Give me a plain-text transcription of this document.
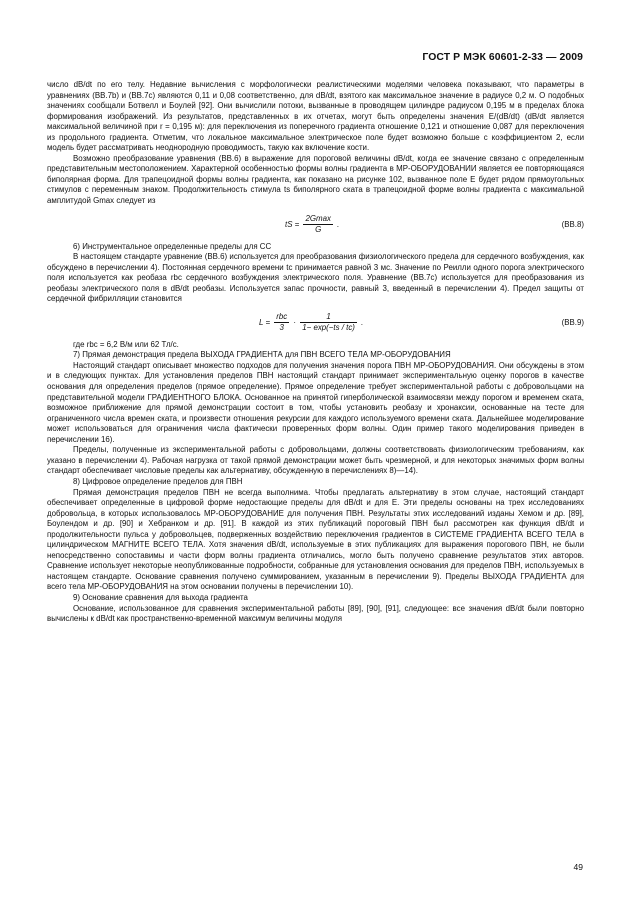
ГОСТ Р МЭК 60601-2-33 — 2009

число dB/dt по его телу. Недавние вычисления с морфологически реалистическими моделями человека показывают, что параметры в уравнениях (ВВ.7b) и (ВВ.7c) являются 0,11 и 0,08 соответственно, для dB/dt, взятого как максимальное значение в радиусе 0,2 м. О подобных значениях сообщали Ботвелл и Боулей [92]. Они вычислили потоки, вызванные в проводящем цилиндре радиусом 0,195 м в пределах блока формирования изображений. Из результатов, представленных в их отчетах, могут быть определены значения E/(dB/dt) (dB/dt является максимальной величиной при r = 0,195 м): для переключения из поперечного градиента отношение 0,121 и отношение 0,087 для переключения из продольного градиента. Отметим, что локальное максимальное электрическое поле будет возможно больше с коэффициентом 2, если модель будет рассматривать неоднородную проводимость, такую как включение кости.

Возможно преобразование уравнения (ВВ.6) в выражение для пороговой величины dB/dt, когда ее значение связано с определенным представительным местоположением. Характерной особенностью формы волны градиента в МР-ОБОРУДОВАНИИ является ее повторяющаяся биполярная форма. Для трапецоидной формы волны градиента, как показано на рисунке 102, вызванное поле E будет рядом прямоугольных стимулов с переменным знаком. Продолжительность стимула ts биполярного ската в трапецоидной форме волны градиента с максимальной амплитудой Gmax следует из

tS = $\frac{2Gmax}{G}$ .	(ВВ.8)

6) Инструментальное определенные пределы для СС

В настоящем стандарте уравнение (ВВ.6) используется для преобразования физиологического предела для сердечного возбуждения, как обсуждено в перечислении 4). Постоянная сердечного времени tc принимается равной 3 мс. Значение по Реилли одного порога электрического поля используется как реобаза rbc сердечного возбуждения электрического поля. Уравнение (ВВ.7c) используется для преобразования из реобазы электрического поля в dB/dt реобазы. Используется запас прочности, равный 3, введенный в перечислении 4). Предел защиты от сердечной фибрилляции становится

$L = \frac{\text{rbc}}{3} \cdot \frac{1}{1- \exp(-ts / tc)}$ .	(ВВ.9)

где rbc = 6,2 В/м или 62 Тл/с.

7) Прямая демонстрация предела ВЫХОДА ГРАДИЕНТА для ПВН ВСЕГО ТЕЛА МР-ОБОРУДОВАНИЯ

Настоящий стандарт описывает множество подходов для получения значения порога ПВН МР-ОБОРУДОВАНИЯ. Они обсуждены в этом и в следующих пунктах. Для установления пределов ПВН настоящий стандарт принимает экспериментальную оценку порогов в качестве основания для определения пределов (прямое определение). Прямое определение требует экспериментальной работы с добровольцами на представительной модели ГРАДИЕНТНОГО БЛОКА. Основанное на принятой гиперболической взаимосвязи между порогом и временем ската, возможное приближение для прямой демонстрации состоит в том, чтобы установить реобазу и хронаксии, основанные на тесте для ограниченного числа времен ската, и произвести отношения рекурсии для каждого используемого времени ската. Дальнейшее моделирование может использоваться для ограничения числа фактически проверенных форм волны. Один пример такого моделирования приведен в перечислении 16).

Пределы, полученные из экспериментальной работы с добровольцами, должны соответствовать физиологическим требованиям, как указано в перечислении 4). Рабочая нагрузка от такой прямой демонстрации может быть чрезмерной, и для некоторых значимых форм волны стандарт обеспечивает числовые пределы как альтернативу, обсужденную в перечислениях 8)—14).

8) Цифровое определение пределов для ПВН

Прямая демонстрация пределов ПВН не всегда выполнима. Чтобы предлагать альтернативу в этом случае, настоящий стандарт обеспечивает определенные в цифровой форме недостающие пределы для dB/dt и для E. Эти пределы основаны на трех исследованиях добровольца, в которых использовалось МР-ОБОРУДОВАНИЕ для получения ПВН. Результаты этих исследований изданы Хемом и др. [89], Боулендом и др. [90] и Хебранком и др. [91]. В каждой из этих публикаций пороговый ПВН был рассмотрен как функция dB/dt и продолжительности пульса у добровольцев, подверженных воздействию переключения градиентов в СИСТЕМЕ ГРАДИЕНТА ВСЕГО ТЕЛА в цилиндрическом МАГНИТЕ ВСЕГО ТЕЛА. Хотя значения dB/dt, используемые в этих публикациях для выражения порогового ПВН, не были непосредственно сопоставимы и части форм волны градиента отличались, могло быть получено сравнение результатов этих авторов. Сравнение использует некоторые неопубликованные подробности, собранные для установления основания для пределов ПВН, используемых в настоящем стандарте. Основание сравнения получено суммированием, указанным в перечислении 9). Пределы ВЫХОДА ГРАДИЕНТА для всего тела МР-ОБОРУДОВАНИЯ на этом основании получены в перечислении 10).

9) Основание сравнения для выхода градиента

Основание, использованное для сравнения экспериментальной работы [89], [90], [91], следующее: все значения dB/dt были повторно вычислены к dB/dt как пространственно-временной максимум величины модуля

49
